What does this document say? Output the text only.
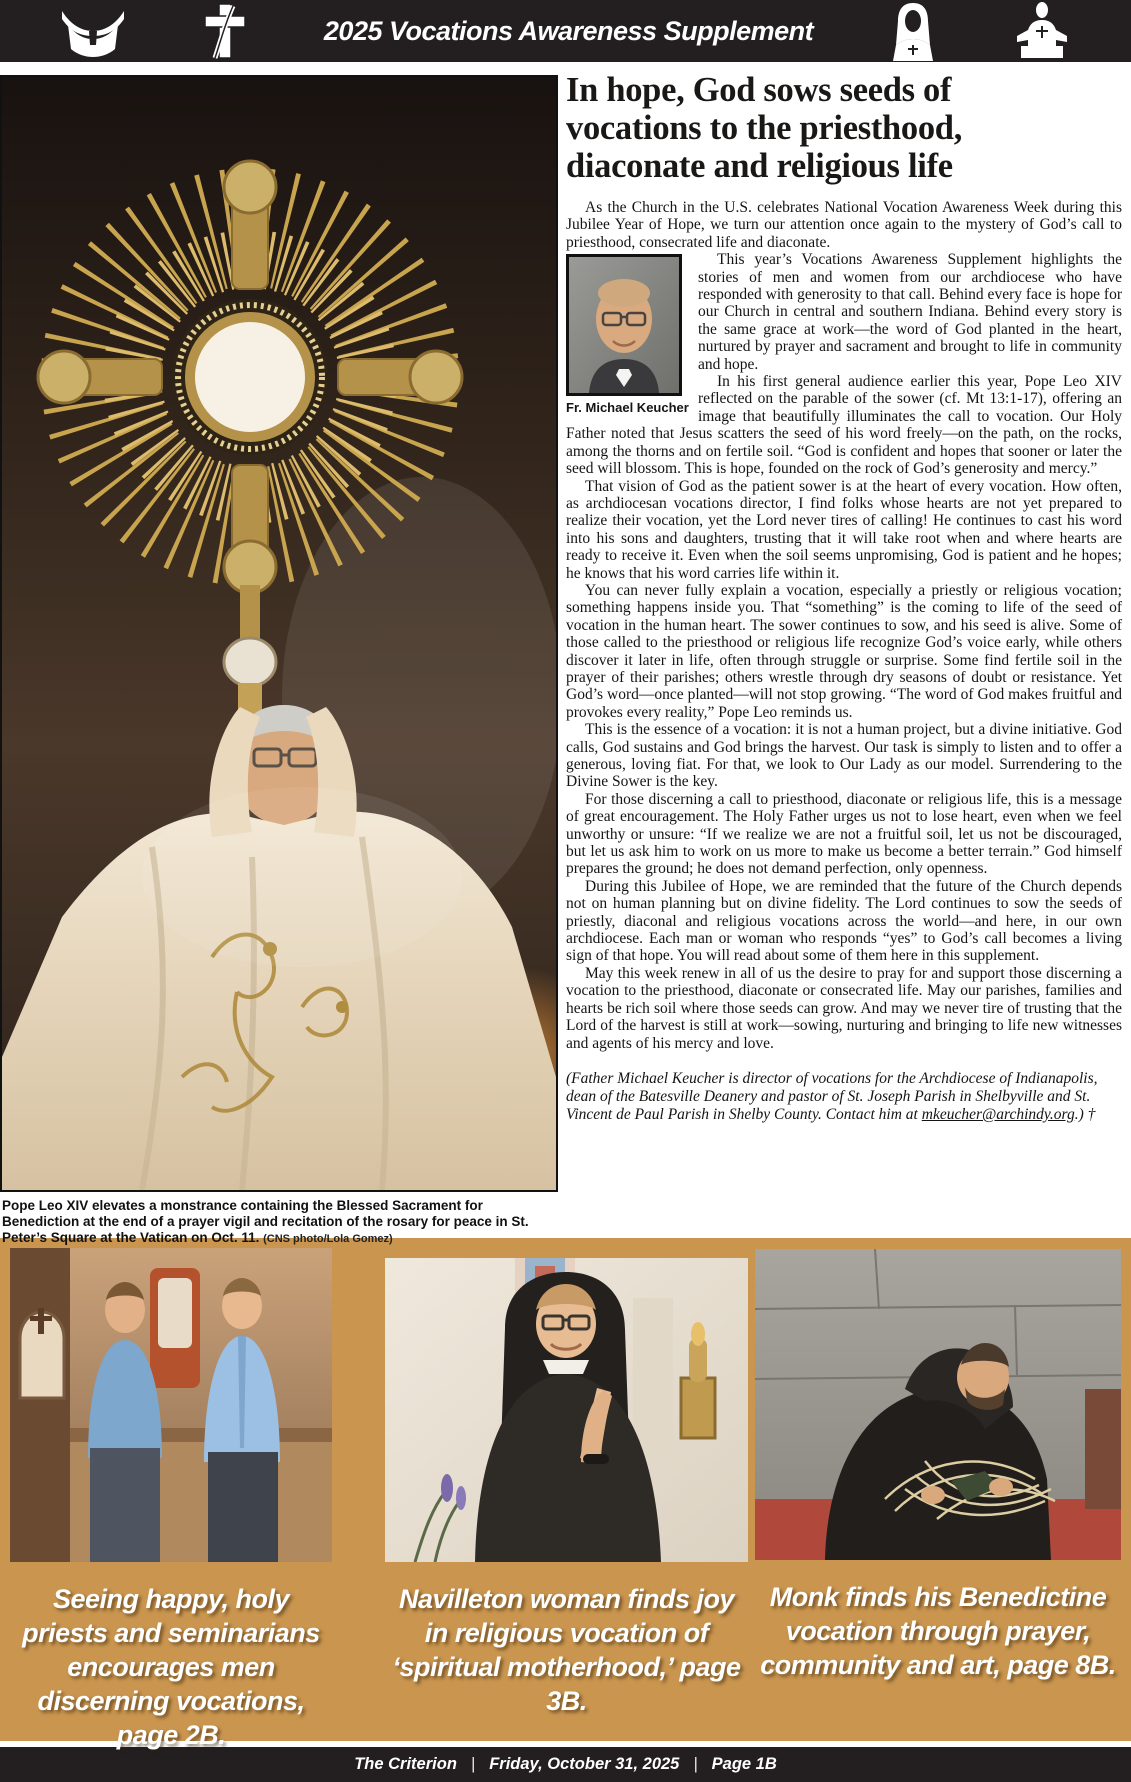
2025 Vocations Awareness Supplement
Pope Leo XIV elevates a monstrance containing the Blessed Sacrament for Benediction at the end of a prayer vigil and recitation of the rosary for peace in St. Peter’s Square at the Vatican on Oct. 11. (CNS photo/Lola Gomez)
In hope, God sows seeds of
vocations to the priesthood,
diaconate and religious life

As the Church in the U.S. celebrates National Vocation Awareness Week during this Jubilee Year of Hope, we turn our attention once again to the mystery of God’s call to priesthood, consecrated life and diaconate.

Fr. Michael Keucher

This year’s Vocations Awareness Supplement highlights the stories of men and women from our archdiocese who have responded with generosity to that call. Behind every face is hope for our Church in central and southern Indiana. Behind every story is the same grace at work—the word of God planted in the heart, nurtured by prayer and sacrament and brought to life in community and hope.

In his first general audience earlier this year, Pope Leo XIV reflected on the parable of the sower (cf. Mt 13:1-17), offering an image that beautifully illuminates the call to vocation. Our Holy Father noted that Jesus scatters the seed of his word freely—on the path, on the rocks, among the thorns and on fertile soil. “God is confident and hopes that sooner or later the seed will blossom. This is hope, founded on the rock of God’s generosity and mercy.”

That vision of God as the patient sower is at the heart of every vocation. How often, as archdiocesan vocations director, I find folks whose hearts are not yet prepared to realize their vocation, yet the Lord never tires of calling! He continues to cast his word into his sons and daughters, trusting that it will take root when and where hearts are ready to receive it. Even when the soil seems unpromising, God is patient and he hopes; he knows that his word carries life within it.

You can never fully explain a vocation, especially a priestly or religious vocation; something happens inside you. That “something” is the coming to life of the seed of vocation in the human heart. The sower continues to sow, and his seed is alive. Some of those called to the priesthood or religious life recognize God’s voice early, while others discover it later in life, often through struggle or surprise. Some find fertile soil in the prayer of their parishes; others wrestle through dry seasons of doubt or resistance. Yet God’s word—once planted—will not stop growing. “The word of God makes fruitful and provokes every reality,” Pope Leo reminds us.

This is the essence of a vocation: it is not a human project, but a divine initiative. God calls, God sustains and God brings the harvest. Our task is simply to listen and to offer a generous, loving fiat. For that, we look to Our Lady as our model. Surrendering to the Divine Sower is the key.

For those discerning a call to priesthood, diaconate or religious life, this is a message of great encouragement. The Holy Father urges us not to lose heart, even when we feel unworthy or unsure: “If we realize we are not a fruitful soil, let us not be discouraged, but let us ask him to work on us more to make us become a better terrain.” God himself prepares the ground; he does not demand perfection, only openness.

During this Jubilee of Hope, we are reminded that the future of the Church depends not on human planning but on divine fidelity. The Lord continues to sow the seeds of priestly, diaconal and religious vocations across the world—and here, in our own archdiocese. Each man or woman who responds “yes” to God’s call becomes a living sign of that hope. You will read about some of them here in this supplement.

May this week renew in all of us the desire to pray for and support those discerning a vocation to the priesthood, diaconate or consecrated life. May our parishes, families and hearts be rich soil where those seeds can grow. And may we never tire of trusting that the Lord of the harvest is still at work—sowing, nurturing and bringing to life new witnesses and agents of his mercy and love.

(Father Michael Keucher is director of vocations for the Archdiocese of Indianapolis, dean of the Batesville Deanery and pastor of St. Joseph Parish in Shelbyville and St. Vincent de Paul Parish in Shelby County. Contact him at mkeucher@archindy.org.) †
Seeing happy, holy priests and seminarians encourages men discerning vocations, page 2B.
Navilleton woman finds joy in religious vocation of ‘spiritual motherhood,’ page 3B.
Monk finds his Benedictine vocation through prayer, community and art, page 8B.
The Criterion | Friday, October 31, 2025 | Page 1B
